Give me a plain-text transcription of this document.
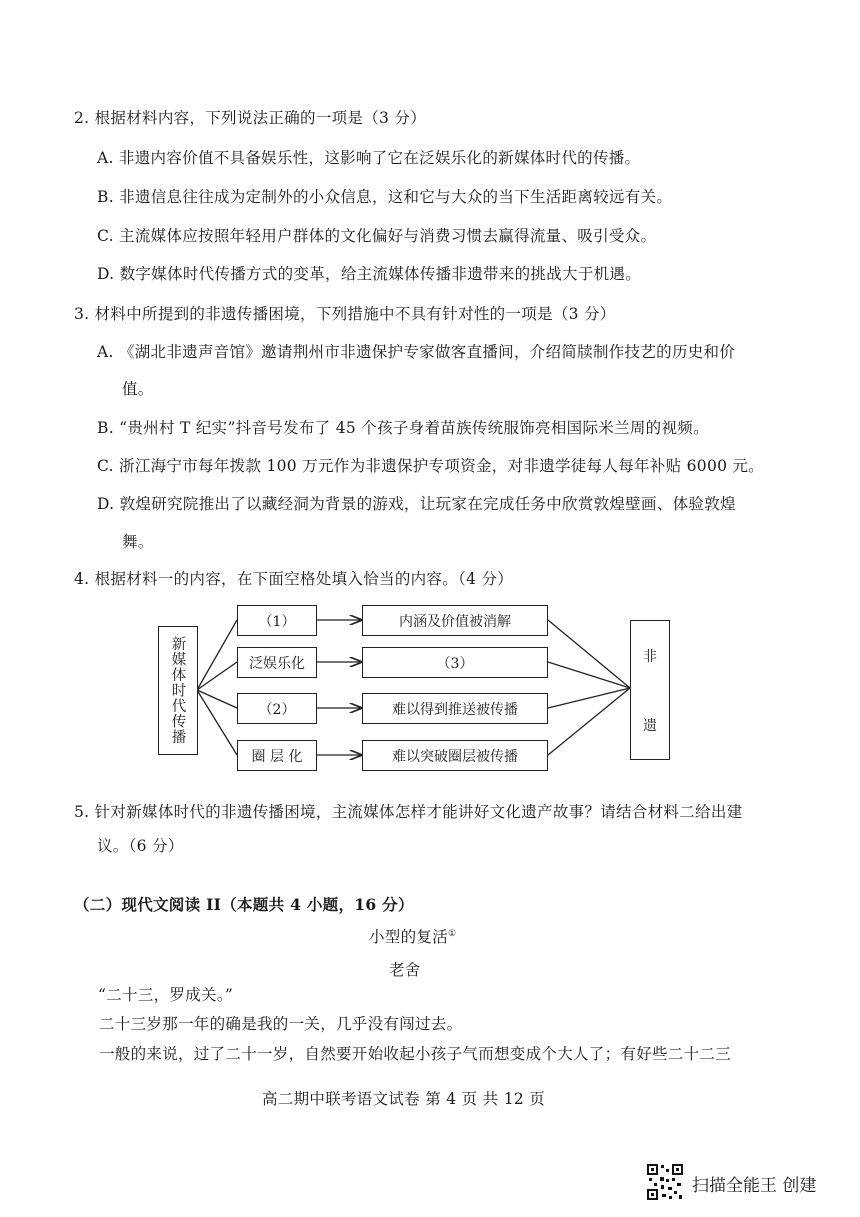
2. 根据材料内容，下列说法正确的一项是（3 分）
A. 非遗内容价值不具备娱乐性，这影响了它在泛娱乐化的新媒体时代的传播。
B. 非遗信息往往成为定制外的小众信息，这和它与大众的当下生活距离较远有关。
C. 主流媒体应按照年轻用户群体的文化偏好与消费习惯去赢得流量、吸引受众。
D. 数字媒体时代传播方式的变革，给主流媒体传播非遗带来的挑战大于机遇。
3. 材料中所提到的非遗传播困境，下列措施中不具有针对性的一项是（3 分）
A. 《湖北非遗声音馆》邀请荆州市非遗保护专家做客直播间，介绍简牍制作技艺的历史和价
值。
B. “贵州村 T 纪实”抖音号发布了 45 个孩子身着苗族传统服饰亮相国际米兰周的视频。
C. 浙江海宁市每年拨款 100 万元作为非遗保护专项资金，对非遗学徒每人每年补贴 6000 元。
D. 敦煌研究院推出了以藏经洞为背景的游戏，让玩家在完成任务中欣赏敦煌壁画、体验敦煌
舞。
4. 根据材料一的内容，在下面空格处填入恰当的内容。（4 分）
新媒体时代传播
（1）
泛娱乐化
（2）
圈 层 化
内涵及价值被消解
（3）
难以得到推送被传播
难以突破圈层被传播
非
遗
5. 针对新媒体时代的非遗传播困境，主流媒体怎样才能讲好文化遗产故事？请结合材料二给出建
议。（6 分）
（二）现代文阅读 II（本题共 4 小题，16 分）
小型的复活①
老舍
“二十三，罗成关。”
二十三岁那一年的确是我的一关，几乎没有闯过去。
一般的来说，过了二十一岁，自然要开始收起小孩子气而想变成个大人了；有好些二十二三
高二期中联考语文试卷 第 4 页 共 12 页
扫描全能王 创建
